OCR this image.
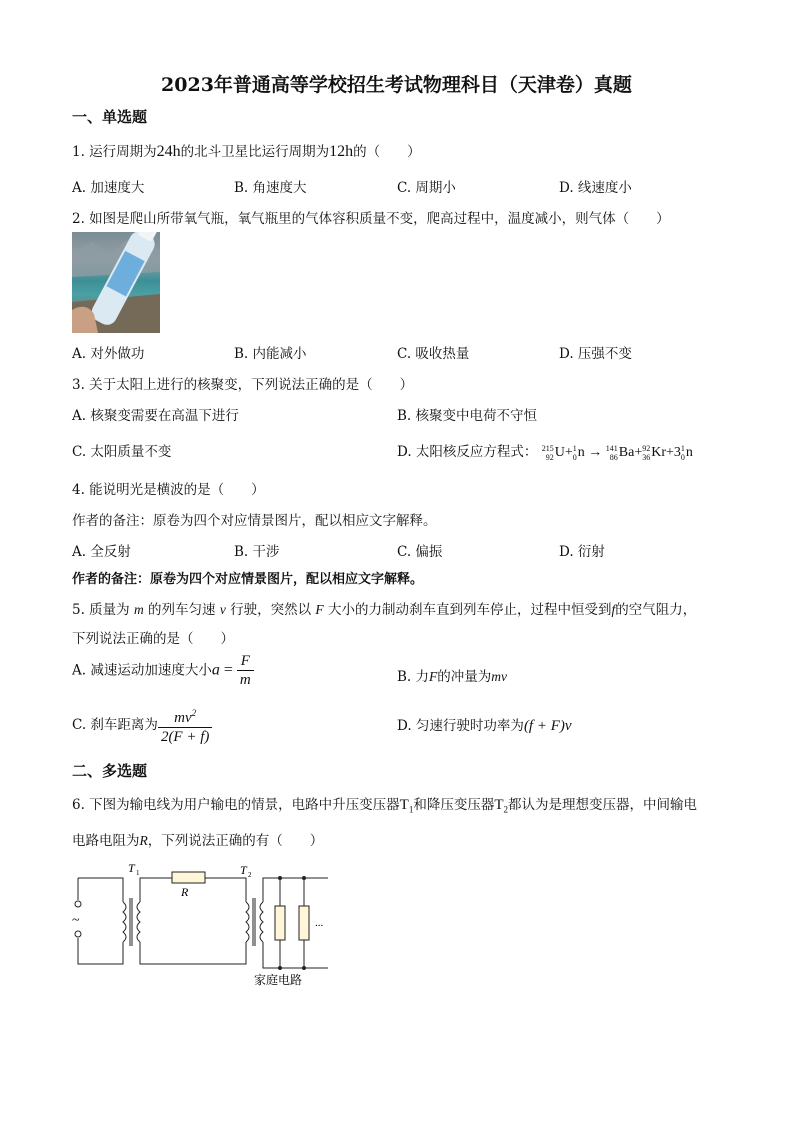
2023年普通高等学校招生考试物理科目（天津卷）真题
一、单选题
1. 运行周期为24h的北斗卫星比运行周期为12h的（　　）
A. 加速度大	B. 角速度大	C. 周期小	D. 线速度小
2. 如图是爬山所带氧气瓶，氧气瓶里的气体容积质量不变，爬高过程中，温度减小，则气体（　　）
A. 对外做功	B. 内能减小	C. 吸收热量	D. 压强不变
3. 关于太阳上进行的核聚变，下列说法正确的是（　　）
A. 核聚变需要在高温下进行	B. 核聚变中电荷不守恒
C. 太阳质量不变	D. 太阳核反应方程式： 215
92 U+ 1
0 n → 141
86 Ba+ 92
36 Kr+3 1
0 n
4. 能说明光是横波的是（　　）
作者的备注：原卷为四个对应情景图片，配以相应文字解释。
A. 全反射	B. 干涉	C. 偏振	D. 衍射
作者的备注：原卷为四个对应情景图片，配以相应文字解释。
5. 质量为 m 的列车匀速 v 行驶，突然以 F 大小的力制动刹车直到列车停止，过程中恒受到f的空气阻力，
下列说法正确的是（　　）
A. 减速运动加速度大小$a = \frac{F}{m}$	B. 力F的冲量为mv
C. 刹车距离为 $\frac{mv^2}{2(F + f)}$	D. 匀速行驶时功率为(f + F)v
二、多选题
6. 下图为输电线为用户输电的情景，电路中升压变压器$T_1$和降压变压器$T_2$都认为是理想变压器，中间输电
电路电阻为R，下列说法正确的有（　　）
~
T 1	T 2
R
...
家庭电路
